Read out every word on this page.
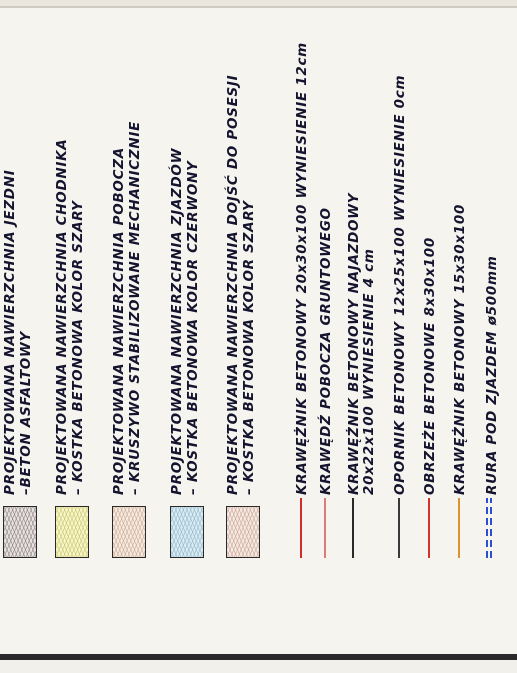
PROJEKTOWANA NAWIERZCHNIA JEZDNI –BETON ASFALTOWY PROJEKTOWANA NAWIERZCHNIA CHODNIKA – KOSTKA BETONOWA KOLOR SZARY PROJEKTOWANA NAWIERZCHNIA POBOCZA – KRUSZYWO STABILIZOWANE MECHANICZNIE PROJEKTOWANA NAWIERZCHNIA ZJAZDÓW – KOSTKA BETONOWA KOLOR CZERWONY PROJEKTOWANA NAWIERZCHNIA DOJŚĆ DO POSESJI – KOSTKA BETONOWA KOLOR SZARY	KRAWĘŻNIK BETONOWY 20x30x100 WYNIESIENIE 12cm KRAWĘDŹ POBOCZA GRUNTOWEGO KRAWĘŻNIK BETONOWY NAJAZDOWY 20x22x100 WYNIESIENIE 4 cm OPORNIK BETONOWY 12x25x100 WYNIESIENIE 0cm OBRZEŻE BETONOWE 8x30x100 KRAWĘŻNIK BETONOWY 15x30x100 RURA POD ZJAZDEM ø500mm
